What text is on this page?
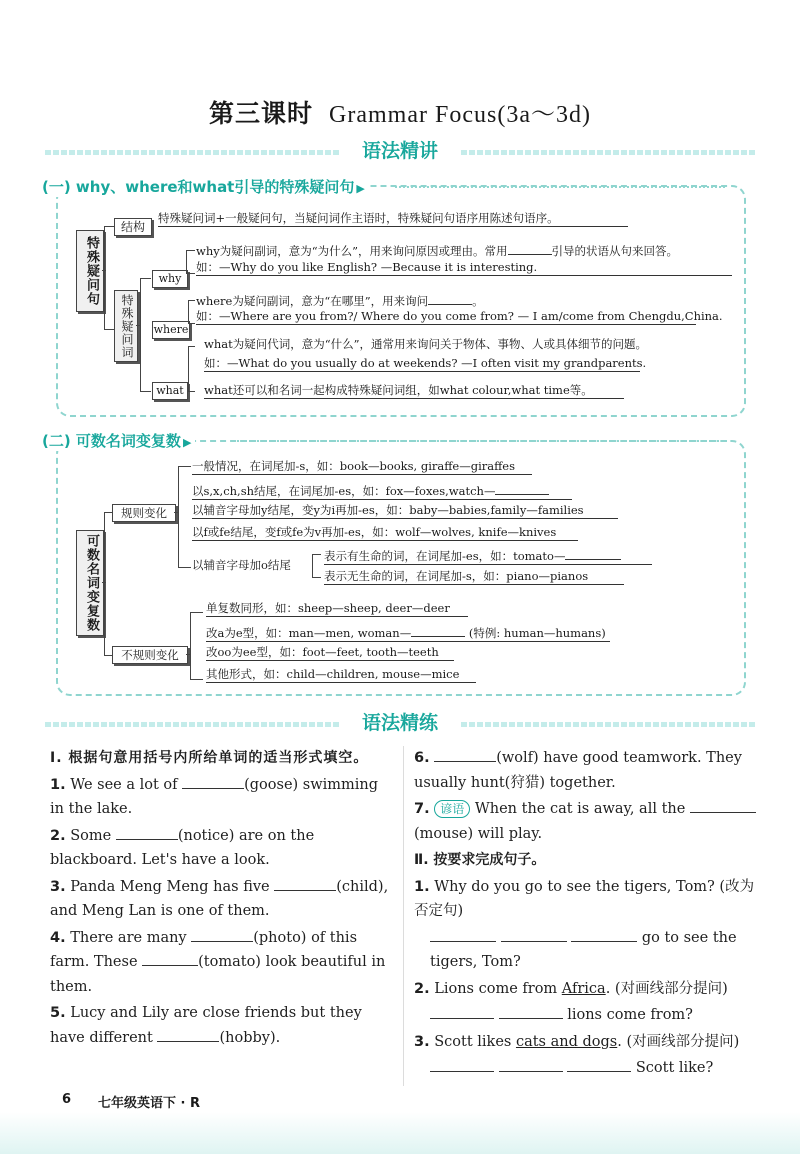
第三课时 Grammar Focus(3a～3d)
语法精讲
(一) why、where和what引导的特殊疑问句 ▶
特殊疑问句
结构
特殊疑问词+一般疑问句，当疑问词作主语时，特殊疑问句语序用陈述句语序。
特殊疑问词
why
why为疑问副词，意为“为什么”，用来询问原因或理由。常用	引导的状语从句来回答。
如：—Why do you like English? —Because it is interesting.
where
where为疑问副词，意为“在哪里”，用来询问	。
如：—Where are you from?/ Where do you come from? — I am/come from Chengdu,China.
what
what为疑问代词，意为“什么”，通常用来询问关于物体、事物、人或具体细节的问题。
如：—What do you usually do at weekends? —I often visit my grandparents.
what还可以和名词一起构成特殊疑问词组，如what colour,what time等。
(二) 可数名词变复数 ▶
可数名词变复数
规则变化
一般情况，在词尾加-s，如：book—books, giraffe—giraffes
以s,x,ch,sh结尾，在词尾加-es，如：fox—foxes,watch—
以辅音字母加y结尾，变y为i再加-es，如：baby—babies,family—families
以f或fe结尾，变f或fe为v再加-es，如：wolf—wolves, knife—knives
以辅音字母加o结尾
表示有生命的词，在词尾加-es，如：tomato—
表示无生命的词，在词尾加-s，如：piano—pianos
不规则变化
单复数同形，如：sheep—sheep, deer—deer
改a为e型，如：man—men, woman—	(特例: human—humans)
改oo为ee型，如：foot—feet, tooth—teeth
其他形式，如：child—children, mouse—mice
语法精练
Ⅰ. 根据句意用括号内所给单词的适当形式填空。
1. We see a lot of	(goose) swimming in the lake.
2. Some	(notice) are on the blackboard. Let's have a look.
3. Panda Meng Meng has five	(child), and Meng Lan is one of them.
4. There are many	(photo) of this farm. These	(tomato) look beautiful in them.
5. Lucy and Lily are close friends but they have different	(hobby).
6.	(wolf) have good teamwork. They usually hunt(狩猎) together.
7. 谚语 When the cat is away, all the (mouse) will play.
Ⅱ. 按要求完成句子。
1. Why do you go to see the tigers, Tom? (改为否定句)
go to see the tigers, Tom?
2. Lions come from Africa. (对画线部分提问)
lions come from?
3. Scott likes cats and dogs. (对画线部分提问)
Scott like?
6 七年级英语下 · R
